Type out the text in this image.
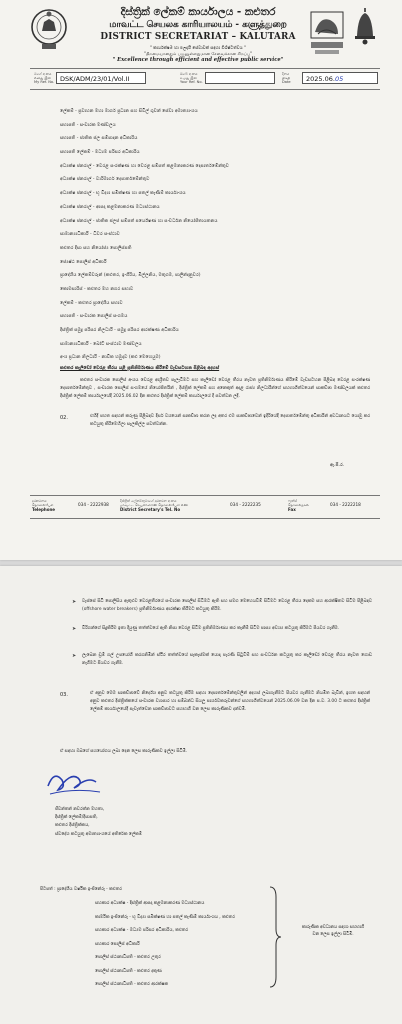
දිස්ත්‍රික් ලේකම් කාර්යාලය - කළුතර
மாவட்ட செயலக காரியாலயம் - களுத்துறை
DISTRICT SECRETARIAT – KALUTARA
" කාර්යක්ෂම හා ඵලදායී සේවාවක් සඳහා විශිෂ්ටත්වය "
"திறமையானதும் பயனுள்ளதுமான சேவைக்கான சிறப்பு"
" Excellence through efficient and effective public service"
මගේ අංකය
எனது இல
My Ref. No. DSK/ADM/23/01/Vol.II
ඔබේ අංකය
உமது இல
Your Ref. No.
දිනය
திகதி
Date	2025.06.05
ලේකම් - ප්‍රවාහන මහා මාර්ග ප්‍රධාන සහ සිවිල් ගුවන් සේවා අමාත්‍යාංශය
සභාපති - සංචාරක මණ්ඩලය
සභාපති - ජාතික ජල සම්පාදන අධිකාරිය
සභාපති ලේකම් - මධ්‍යම පරිසර අධිකාරිය
අධ්‍යක්ෂ ජනරාල් - වෙරළ සංරක්ෂණ හා වෙරළ සම්පත් කළමනාකරණ දෙපාර්තමේන්තුව
අධ්‍යක්ෂ ජනරාල් - වාරිමාර්ග දෙපාර්තමේන්තුව
අධ්‍යක්ෂ ජනරාල් - භූ විද්‍යා සමීක්ෂණ හා පතල් කැණීම් කාර්යාංශය
අධ්‍යක්ෂ ජනරාල් - ආපදා කළමනාකරණ මධ්‍යස්ථානය
අධ්‍යක්ෂ ජනරාල් - ජාතික ජලජ සම්පත් පර්යේෂණ හා සංවර්ධන නියෝජිතායතනය
සාමාන්‍යාධිකාරී - ධීවර සංස්ථාව
කළුතර දිසා සහ නියෝජ්‍ය පොලිස්පති
ජ්‍යෙෂ්ඨ පොලිස් අධිකාරී
ප්‍රාදේශීය ලේකම්වරුන් (කළුතර, ඉංගිරිය, මිල්ලනිය, මතුගම, පාලින්දනුවර)
කොමසාරිස් - කළුතර මහ නගර සභාව
ලේකම් - කළුතර ප්‍රාදේශීය සභාව
සභාපති - සංචාරක පොලිස් සංගමය
දිස්ත්‍රික් සමුද්‍ර පරිසර නිලධාරී - සමුද්‍ර පරිසර ආරක්ෂණ අධිකාරිය
සාමාන්‍යාධිකාරී - බෝට් සංස්ථාව මණ්ඩලය
අංශ ප්‍රධාන නිලධාරී - නාවික හමුදාව (කළු මෙහෙයුම)
කළුතර කැලිඩෝ වෙරළ තීරය යළි ප්‍රතිනිර්මාණය කිරීමේ වැඩසටහන පිළිබඳ අදහස්
කළුතර සංචාරක පොලිස් අංශය වෙරළ ආශ්‍රිතව පැලෑටිමට සහ කැලිඩෝ වෙරළ තීරය නැවත ප්‍රතිනිර්මාණය කිරීමේ වැඩසටහන පිළිබඳ වෙරළ සංරක්ෂණ දෙපාර්තමේන්තුව , සංචාරක පොලිස් සංගමයේ නියෝජිතයින් , දිස්ත්‍රික් ලේකම් සහ අනෙකුත් අදාළ රාජ්‍ය නිලධාරීන්ගේ සහභාගිත්වයෙන් සාකච්ඡා මණ්ඩලයක් කළුතර දිස්ත්‍රික් ලේකම් කාර්යාලයේදී 2025.06.02 දින කළුතර දිස්ත්‍රික් ලේකම් කාර්යාලයේ දී පවත්වන ලදී.
02.	එහිදී පහත සඳහන් කරුණු පිළිබඳව දීර්ඝ වශයෙන් සාකච්ඡා කරන ලද අතර එම සාකච්ඡාවෙන් ඉදිරියේදී දෙපාර්තමේන්තු අධිකාරීන් අවධානයට යොමු කර කටයුතු කිරීමෙහිලා සැලකිල්ල පවත්වන්න.
ඇ.පි.ර.
දුරකථනය
தொலைபேசி
Telephone
034 - 2222938
දිස්ත්‍රික් ලේකම්තුමාගේ දුරකථන අංකය
மாவட்ட செயலாளரின் தொலைபேசி எண்
District Secretary's Tel. No
034 - 2222235
ෆැක්ස්
தொலைநகல்
Fax
034 - 2222218
➤ වැස්සේ සිටි පොලිසිය ඇතුළුව වෙරළතීරයේ සංචාරක පොලිස් සිටීමට ඇති සහ සමග මෙහෙයවීම් සිටිමට වෙරළ තීරය දෙකම සහ ආරක්ෂිතව සිටීම පිළිබඳව (offshore water breakers) ප්‍රතිනිර්මාණය ආරක්ෂා කිරීමට කටයුතු කිරීම.
➤ විරිගන්ගේ සිදුකිරීම ඉතා දියුණු තත්ත්වයේ ඇති නිසා වෙරළ සිටීම ප්‍රතිනිර්මාණය කර කැනීම් සිටීම පාස්‍ය අවශ්‍ය කටයුතු කිරීමට පියවර ගැනීම.
➤ ලැබෙන ඩ්‍රම් ගල් උපයෝගී කරගනිමින් ස්ථිර තත්ත්වයේ සැකැස්මක් යොදා පැරණි සිටුවීම් සහ සංවර්ධන කටයුතු කර කැලිඩෝ වෙරළ තීරය නැවත ගොඩ නැගීමට පියවර ගැනීම.
03.	ඒ අනුව මෙම සාකච්ඡාවේ නිර්දේශ අනුව කටයුතු කිරීම සඳහා දෙපාර්තමේන්තුවලින් අදහස් ලබාගැනීමට පියවර ගැනීමට නියමිත බැවින්, ඉහත සඳහන් අනුව කළුතර දිස්ත්‍රික්කයේ සංචාරක ව්‍යාපාර හා සම්බන්ධ සියලු පාර්ශවකරුවන්ගේ සහභාගීත්වයෙන් 2025.06.09 වන දින ප.ව. 3.00 ට කළුතර දිස්ත්‍රික් ලේකම් කාර්යාලයේදී පැවැත්වෙන සාකච්ඡාවට සහභාගී වන ලෙස කාරුණිකව දන්වමි.
ඒ සඳහා ඔබගේ සහයෝගය ලබා දෙන ලෙස කාරුණිකව ඉල්ලා සිටිමි.
ජීවන්තන් නවරත්න මහතා,
දිස්ත්‍රික් ලේකම්/දිසාපති,
කළුතර දිස්ත්‍රික්කය,
ස්වදේශ කටයුතු අමාත්‍යාංශයේ අතිරේක ලේකම්
පිටපත් : ප්‍රාදේශීය වර්ෂීක ඉංජිනේරු - කළුතර
සහකාර අධ්‍යක්ෂ - දිස්ත්‍රික් ආපදා කළමනාකරණ මධ්‍යස්ථානය
කාර්මික ඉංජිනේරු - භූ විද්‍යා සමීක්ෂණ හා පතල් කැණීම් කාර්යාංශය , කළුතර
සහකාර අධ්‍යක්ෂ - මධ්‍යම පරිසර අධිකාරිය, කළුතර
සහකාර පොලිස් අධිකාරී
පොලිස් ස්ථානාධිපති - කළුතර උතුර
පොලිස් ස්ථානාධිපති - කළුතර දකුණ
පොලිස් ස්ථානාධිපති - කළුතර ආරක්ෂක
කාරුණික අවධානය සඳහා සහභාගී වන ලෙස ඉල්ලා සිටිමි.
